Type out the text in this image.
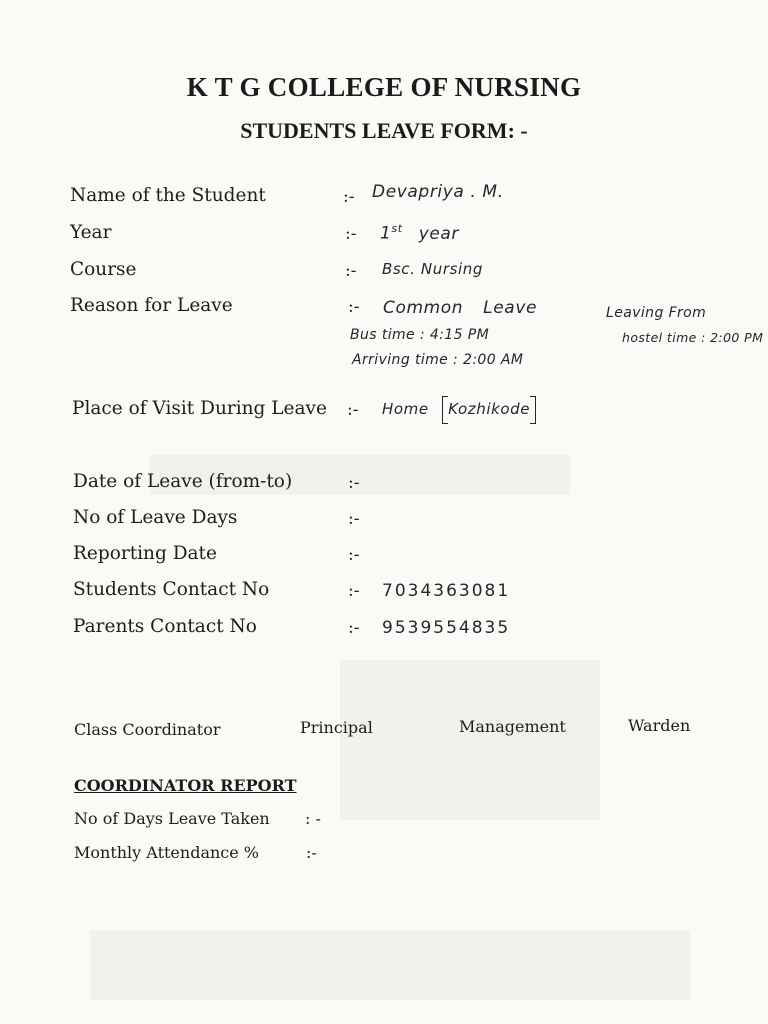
K T G COLLEGE OF NURSING
STUDENTS LEAVE FORM: -
Name of the Student	:- Devapriya . M.
Year	:- 1st year
Course	:- Bsc. Nursing
Reason for Leave	:- Common Leave
Bus time : 4:15 PM
Arriving time : 2:00 AM
Leaving From
hostel time : 2:00 PM
Place of Visit During Leave :- Home Kozhikode
Date of Leave (from-to)	:-
No of Leave Days	:-
Reporting Date	:-
Students Contact No	:- 7034363081
Parents Contact No	:- 9539554835
Class Coordinator	Principal	Management	Warden
COORDINATOR REPORT
No of Days Leave Taken : -
Monthly Attendance %	:-
